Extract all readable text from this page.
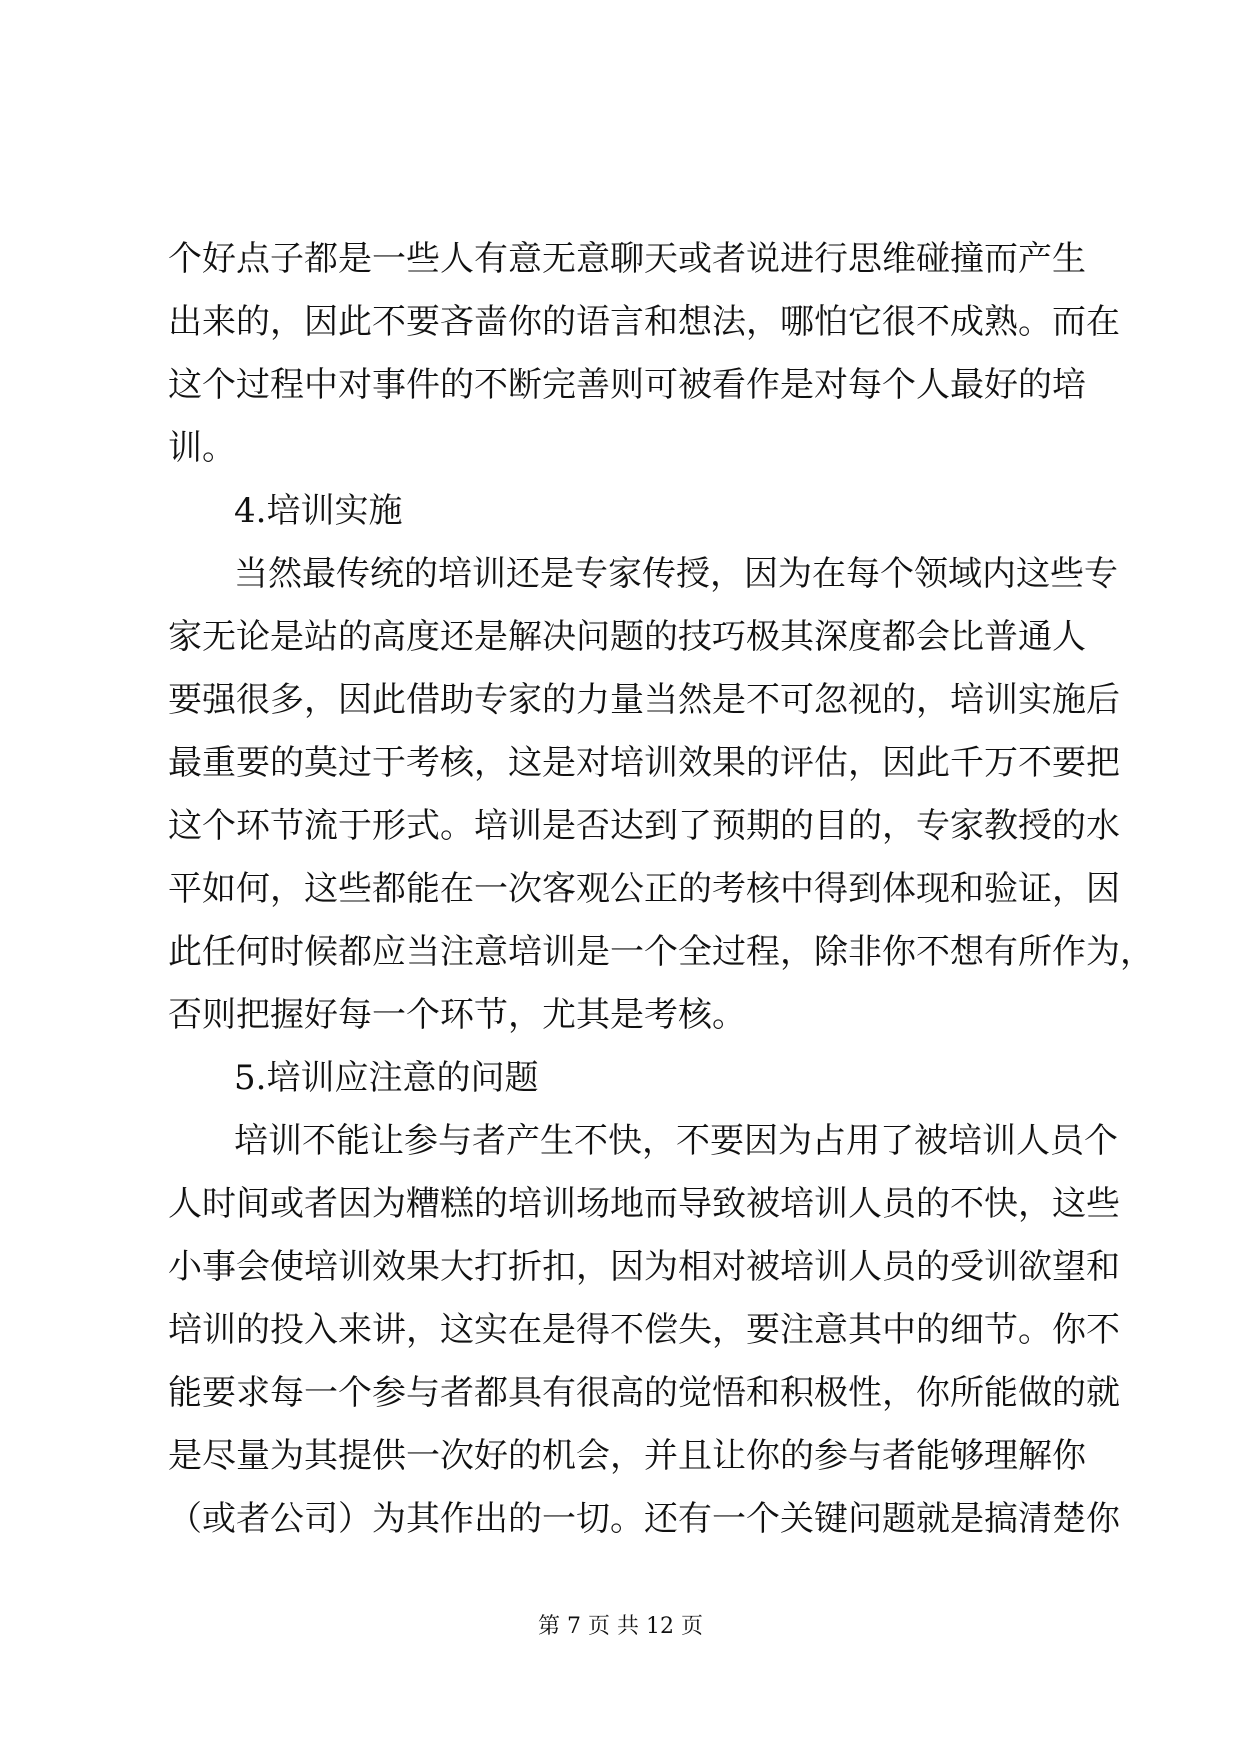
个好点子都是一些人有意无意聊天或者说进行思维碰撞而产生
出来的，因此不要吝啬你的语言和想法，哪怕它很不成熟。而在
这个过程中对事件的不断完善则可被看作是对每个人最好的培
训。
4.培训实施
当然最传统的培训还是专家传授，因为在每个领域内这些专
家无论是站的高度还是解决问题的技巧极其深度都会比普通人
要强很多，因此借助专家的力量当然是不可忽视的，培训实施后
最重要的莫过于考核，这是对培训效果的评估，因此千万不要把
这个环节流于形式。培训是否达到了预期的目的，专家教授的水
平如何，这些都能在一次客观公正的考核中得到体现和验证，因
此任何时候都应当注意培训是一个全过程，除非你不想有所作为，
否则把握好每一个环节，尤其是考核。
5.培训应注意的问题
培训不能让参与者产生不快，不要因为占用了被培训人员个
人时间或者因为糟糕的培训场地而导致被培训人员的不快，这些
小事会使培训效果大打折扣，因为相对被培训人员的受训欲望和
培训的投入来讲，这实在是得不偿失，要注意其中的细节。你不
能要求每一个参与者都具有很高的觉悟和积极性，你所能做的就
是尽量为其提供一次好的机会，并且让你的参与者能够理解你
（或者公司）为其作出的一切。还有一个关键问题就是搞清楚你
第 7 页 共 12 页
